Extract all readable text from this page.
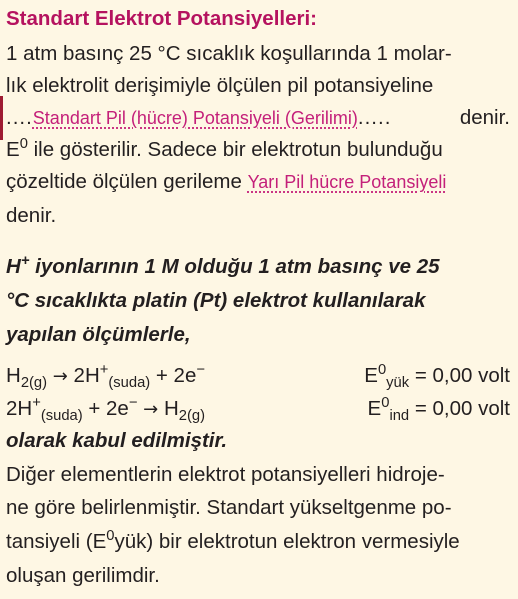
Standart Elektrot Potansiyelleri:
1 atm basınç 25 °C sıcaklık koşullarında 1 molar-
lık elektrolit derişimiyle ölçülen pil potansiyeline
....Standart Pil (hücre) Potansiyeli (Gerilimi).....	denir.
$E^0$ ile gösterilir. Sadece bir elektrotun bulunduğu
çözeltide ölçülen gerileme Yarı Pil hücre Potansiyeli
denir.
H+ iyonlarının 1 M olduğu 1 atm basınç ve 25
°C sıcaklıkta platin (Pt) elektrot kullanılarak
yapılan ölçümlerle,
$H_{2(g)} \to 2H^+_{(suda)} + 2e^-$	$E^0_{yük} = 0,00$ volt
$2H^+_{(suda)} + 2e^- \to H_{2(g)}$	$E^0_{ind} = 0,00$ volt
olarak kabul edilmiştir.
Diğer elementlerin elektrot potansiyelleri hidroje-
ne göre belirlenmiştir. Standart yükseltgenme po-
tansiyeli $(E^0yük)$ bir elektrotun elektron vermesiyle
oluşan gerilimdir.
